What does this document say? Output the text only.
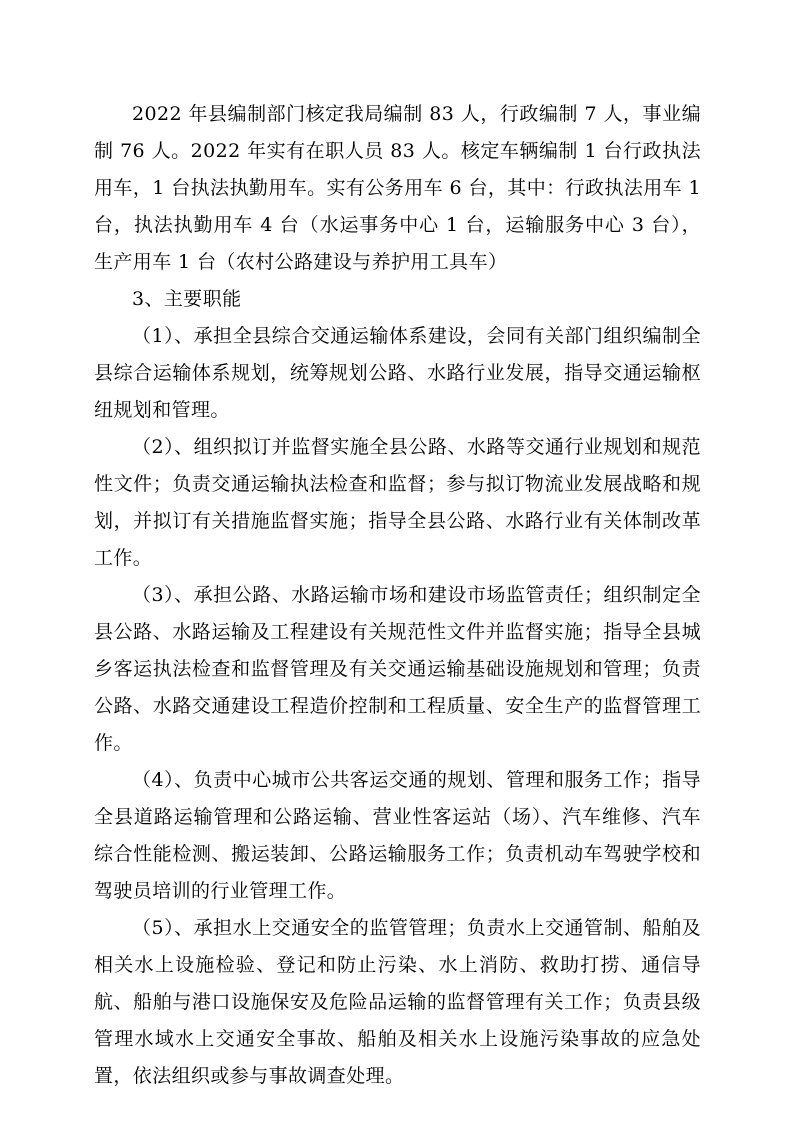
2022 年县编制部门核定我局编制 83 人，行政编制 7 人，事业编制 76 人。2022 年实有在职人员 83 人。核定车辆编制 1 台行政执法用车，1 台执法执勤用车。实有公务用车 6 台，其中：行政执法用车 1 台，执法执勤用车 4 台（水运事务中心 1 台，运输服务中心 3 台），生产用车 1 台（农村公路建设与养护用工具车）

3、主要职能

（1）、承担全县综合交通运输体系建设，会同有关部门组织编制全县综合运输体系规划，统筹规划公路、水路行业发展，指导交通运输枢纽规划和管理。

（2）、组织拟订并监督实施全县公路、水路等交通行业规划和规范性文件；负责交通运输执法检查和监督；参与拟订物流业发展战略和规划，并拟订有关措施监督实施；指导全县公路、水路行业有关体制改革工作。

（3）、承担公路、水路运输市场和建设市场监管责任；组织制定全县公路、水路运输及工程建设有关规范性文件并监督实施；指导全县城乡客运执法检查和监督管理及有关交通运输基础设施规划和管理；负责公路、水路交通建设工程造价控制和工程质量、安全生产的监督管理工作。

（4）、负责中心城市公共客运交通的规划、管理和服务工作；指导全县道路运输管理和公路运输、营业性客运站（场）、汽车维修、汽车综合性能检测、搬运装卸、公路运输服务工作；负责机动车驾驶学校和驾驶员培训的行业管理工作。

（5）、承担水上交通安全的监管管理；负责水上交通管制、船舶及相关水上设施检验、登记和防止污染、水上消防、救助打捞、通信导航、船舶与港口设施保安及危险品运输的监督管理有关工作；负责县级管理水域水上交通安全事故、船舶及相关水上设施污染事故的应急处置，依法组织或参与事故调查处理。
